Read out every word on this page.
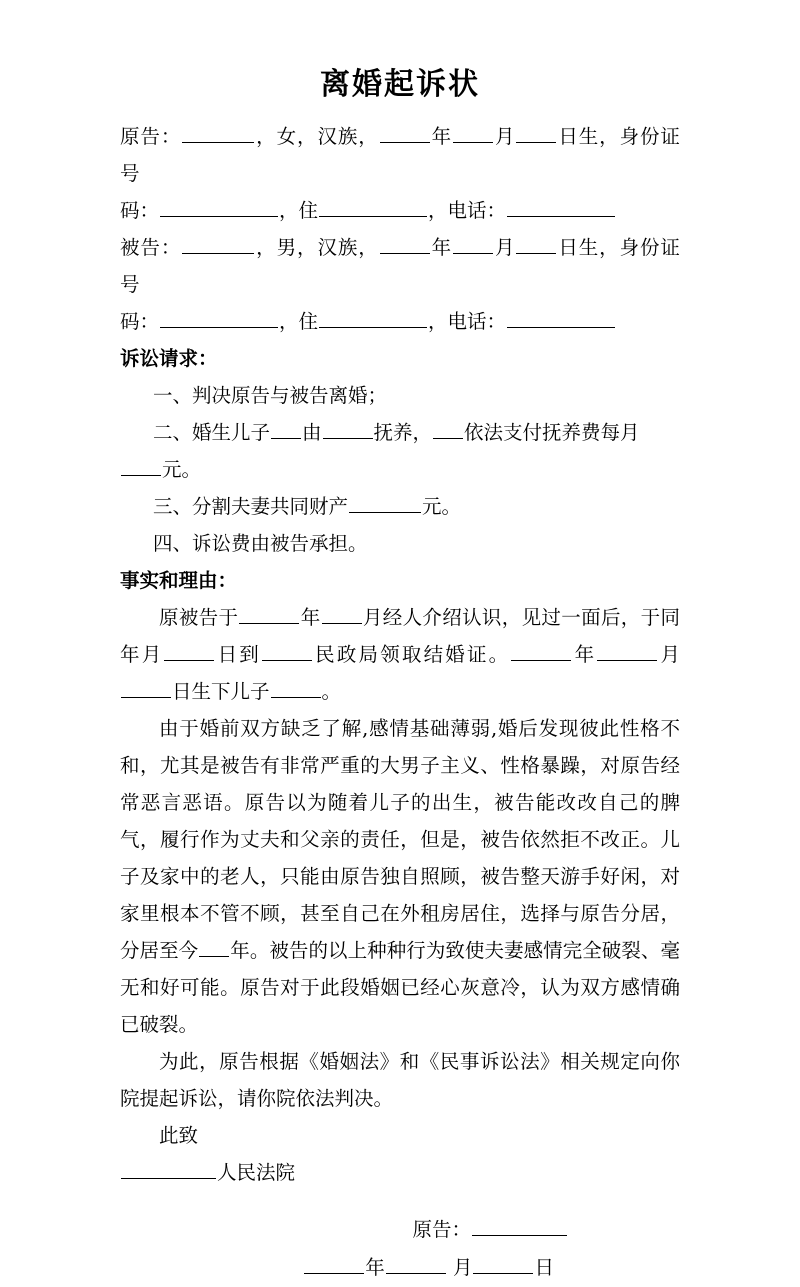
离婚起诉状

原告：	，女，汉族，	年 月 日生，身份证号

码：	，住	，电话：

被告：	，男，汉族，	年 月 日生，身份证号

码：	，住	，电话：

诉讼请求：

一、判决原告与被告离婚；

二、婚生儿子 由	抚养， 依法支付抚养费每月元。

三、分割夫妻共同财产	元。

四、诉讼费由被告承担。

事实和理由：

原被告于	年 月经人介绍认识，见过一面后，于同年月	日到	民政局领取结婚证。	年	月日生下儿子	。

由于婚前双方缺乏了解,感情基础薄弱,婚后发现彼此性格不和，尤其是被告有非常严重的大男子主义、性格暴躁，对原告经常恶言恶语。原告以为随着儿子的出生，被告能改改自己的脾气，履行作为丈夫和父亲的责任，但是，被告依然拒不改正。儿子及家中的老人，只能由原告独自照顾，被告整天游手好闲，对家里根本不管不顾，甚至自己在外租房居住，选择与原告分居，分居至今 年。被告的以上种种行为致使夫妻感情完全破裂、毫无和好可能。原告对于此段婚姻已经心灰意冷，认为双方感情确已破裂。

为此，原告根据《婚姻法》和《民事诉讼法》相关规定向你院提起诉讼，请你院依法判决。

此致

人民法院

原告：
年	月	日
